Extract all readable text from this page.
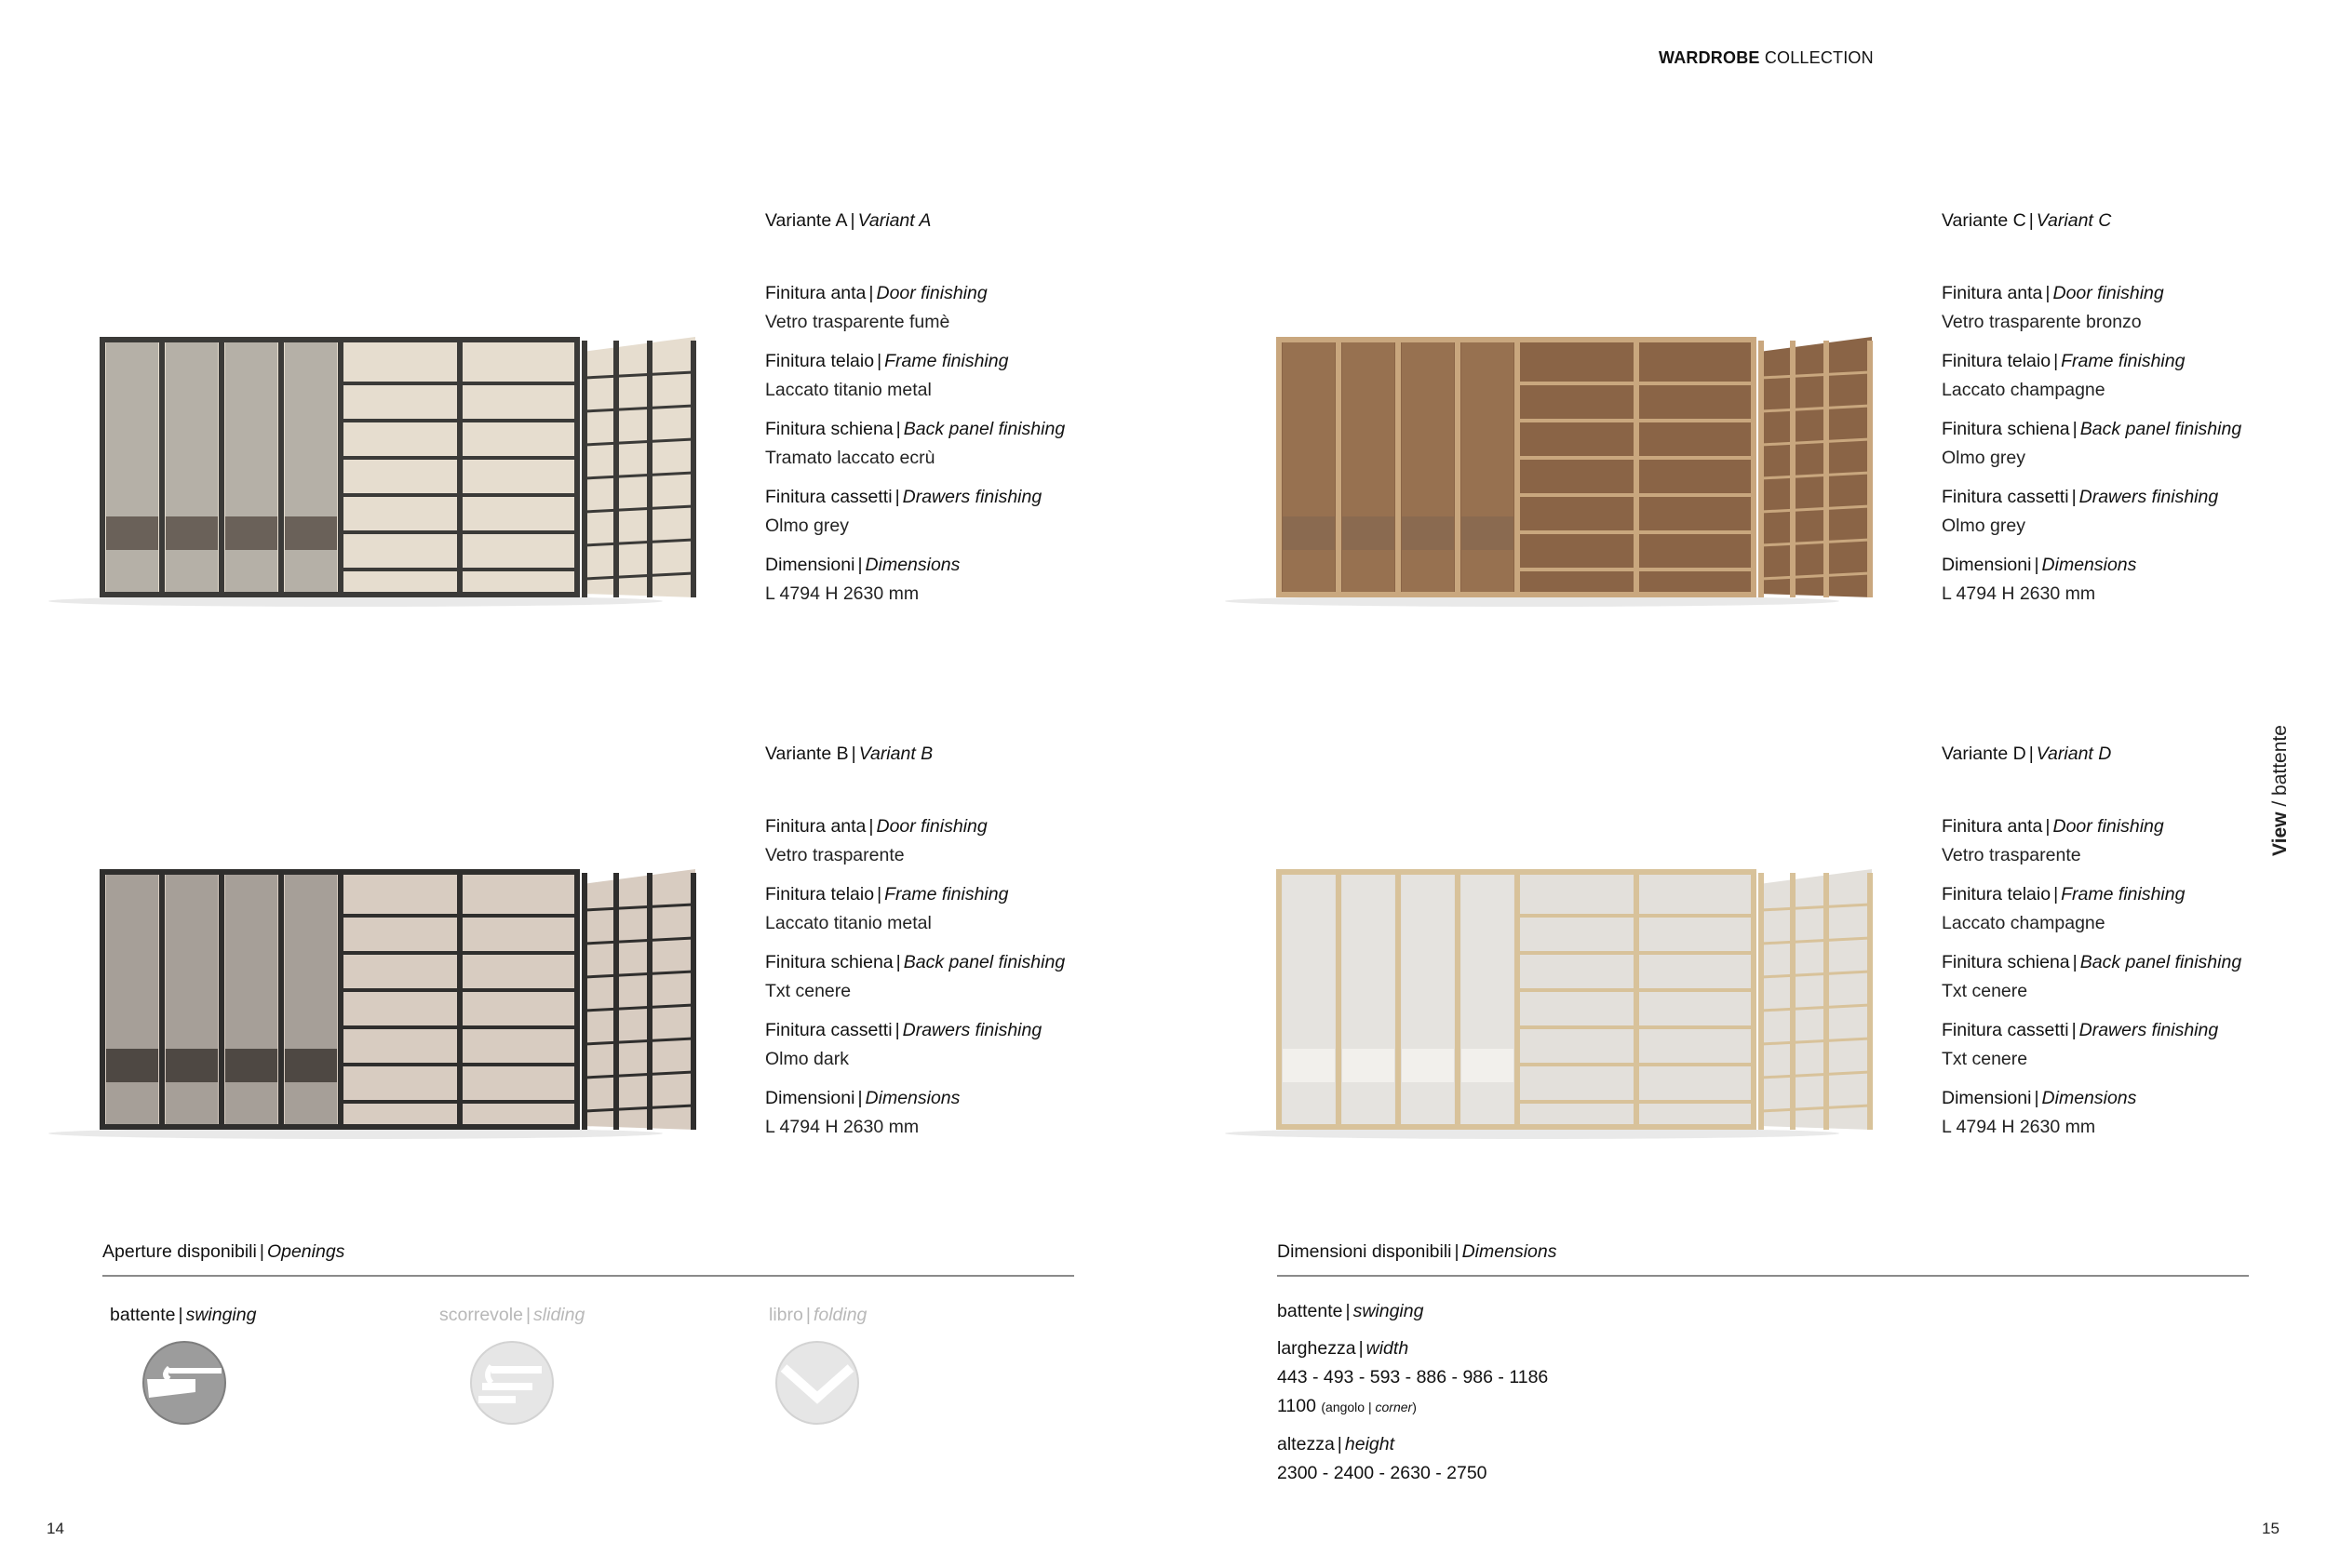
WARDROBE COLLECTION
Variante A | Variant A
Finitura anta | Door finishing
Vetro trasparente fumè
Finitura telaio | Frame finishing
Laccato titanio metal
Finitura schiena | Back panel finishing
Tramato laccato ecrù
Finitura cassetti | Drawers finishing
Olmo grey
Dimensioni | Dimensions
L 4794 H 2630 mm
Variante B | Variant B
Finitura anta | Door finishing
Vetro trasparente
Finitura telaio | Frame finishing
Laccato titanio metal
Finitura schiena | Back panel finishing
Txt cenere
Finitura cassetti | Drawers finishing
Olmo dark
Dimensioni | Dimensions
L 4794 H 2630 mm
Variante C | Variant C
Finitura anta | Door finishing
Vetro trasparente bronzo
Finitura telaio | Frame finishing
Laccato champagne
Finitura schiena | Back panel finishing
Olmo grey
Finitura cassetti | Drawers finishing
Olmo grey
Dimensioni | Dimensions
L 4794 H 2630 mm
Variante D | Variant D
Finitura anta | Door finishing
Vetro trasparente
Finitura telaio | Frame finishing
Laccato champagne
Finitura schiena | Back panel finishing
Txt cenere
Finitura cassetti | Drawers finishing
Txt cenere
Dimensioni | Dimensions
L 4794 H 2630 mm
Aperture disponibili | Openings
battente | swinging	scorrevole | sliding	libro | folding
Dimensioni disponibili | Dimensions
battente | swinging
larghezza | width
443 - 493 - 593 - 886 - 986 - 1186
1100 (angolo | corner)
altezza | height
2300 - 2400 - 2630 - 2750
View / battente
14	15
